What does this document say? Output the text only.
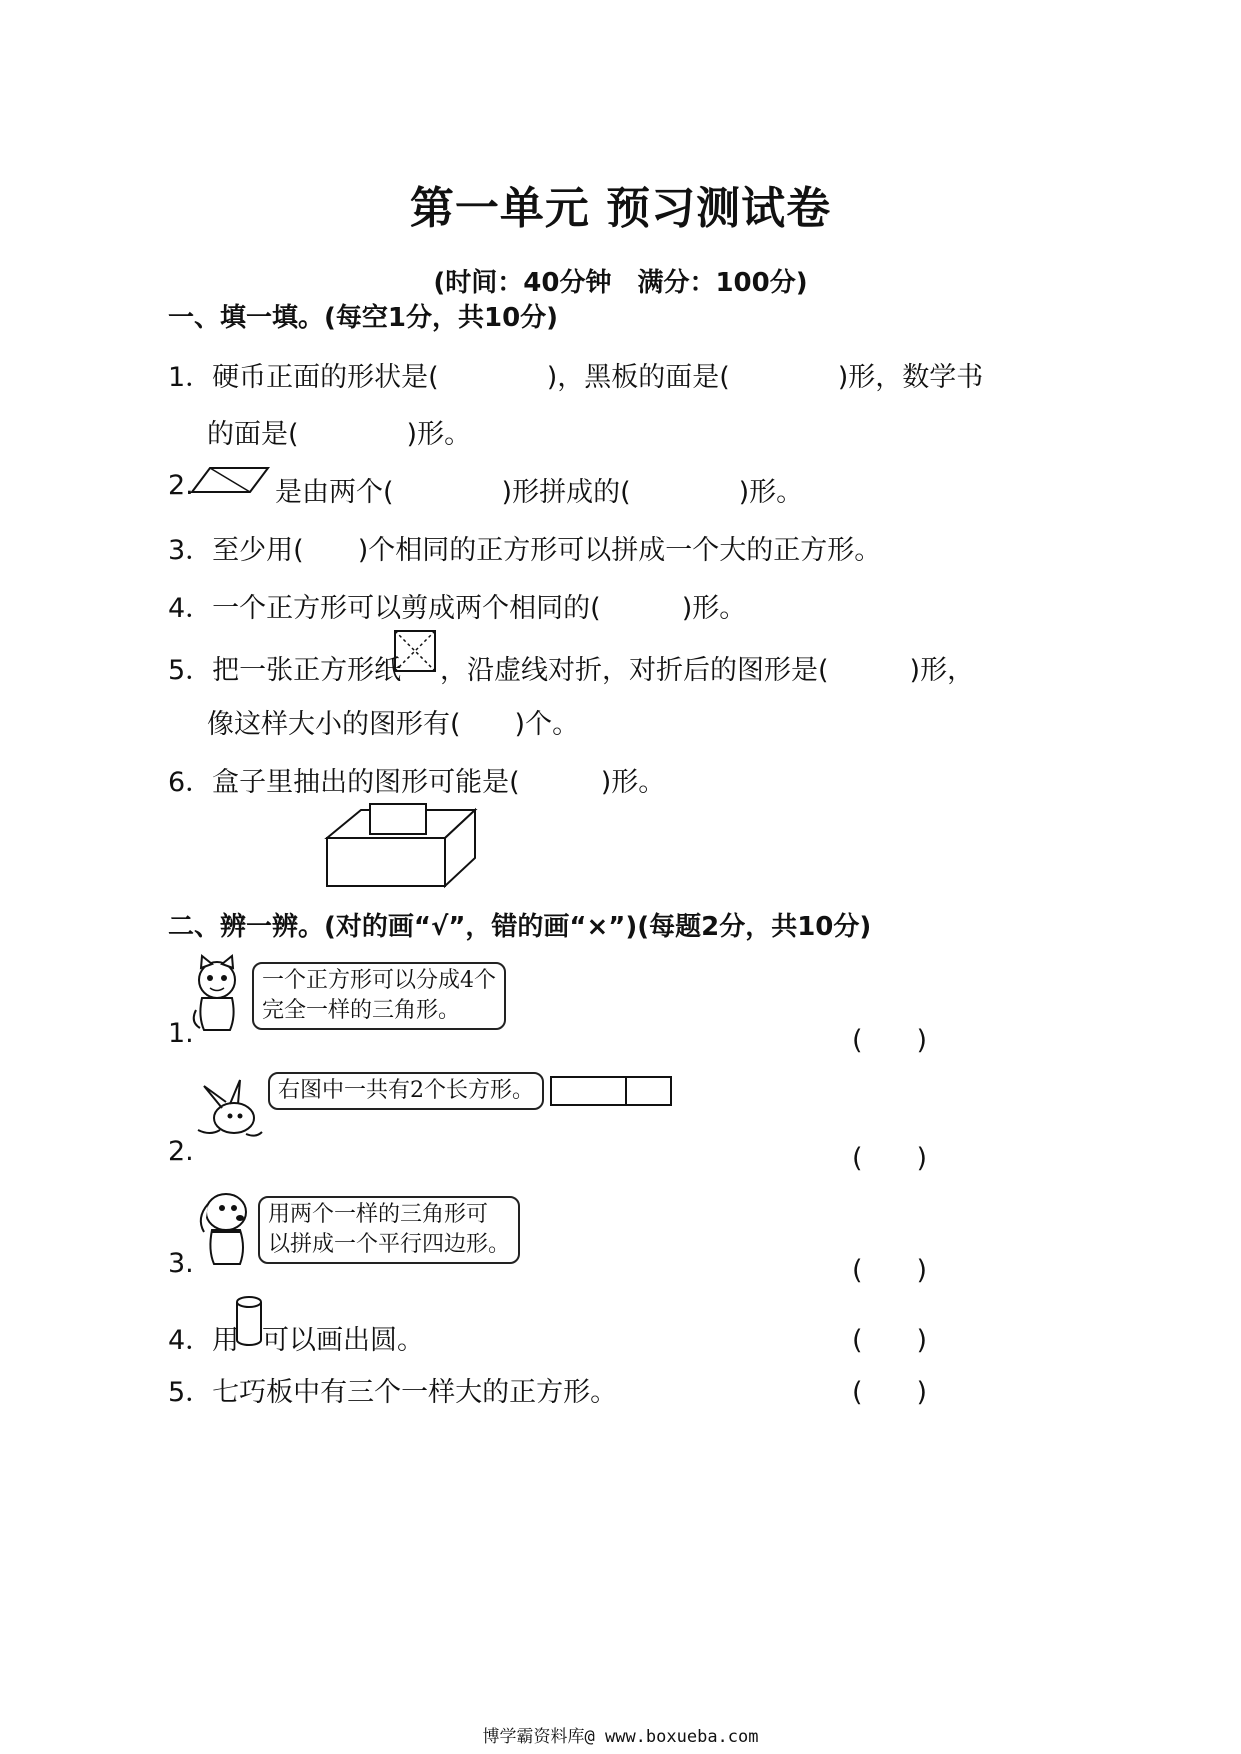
第一单元 预习测试卷
(时间：40分钟　满分：100分)
一、填一填。(每空1分，共10分)
1．硬币正面的形状是(　　　　)，黑板的面是(　　　　)形，数学书
的面是(　　　　)形。
2.	是由两个(　　　　)形拼成的(　　　　)形。
3．至少用(　　)个相同的正方形可以拼成一个大的正方形。
4．一个正方形可以剪成两个相同的(　　　)形。
5．把一张正方形纸 ，沿虚线对折，对折后的图形是(　　　)形，
像这样大小的图形有(　　)个。
6．盒子里抽出的图形可能是(　　　)形。
二、辨一辨。(对的画“√”，错的画“×”)(每题2分，共10分)
一个正方形可以分成4个
完全一样的三角形。
1.	(　　)
右图中一共有2个长方形。
2.	(　　)
用两个一样的三角形可
以拼成一个平行四边形。
3.	(　　)
4．用 可以画出圆。	(　　)
5．七巧板中有三个一样大的正方形。	(　　)
博学霸资料库@ www.boxueba.com
